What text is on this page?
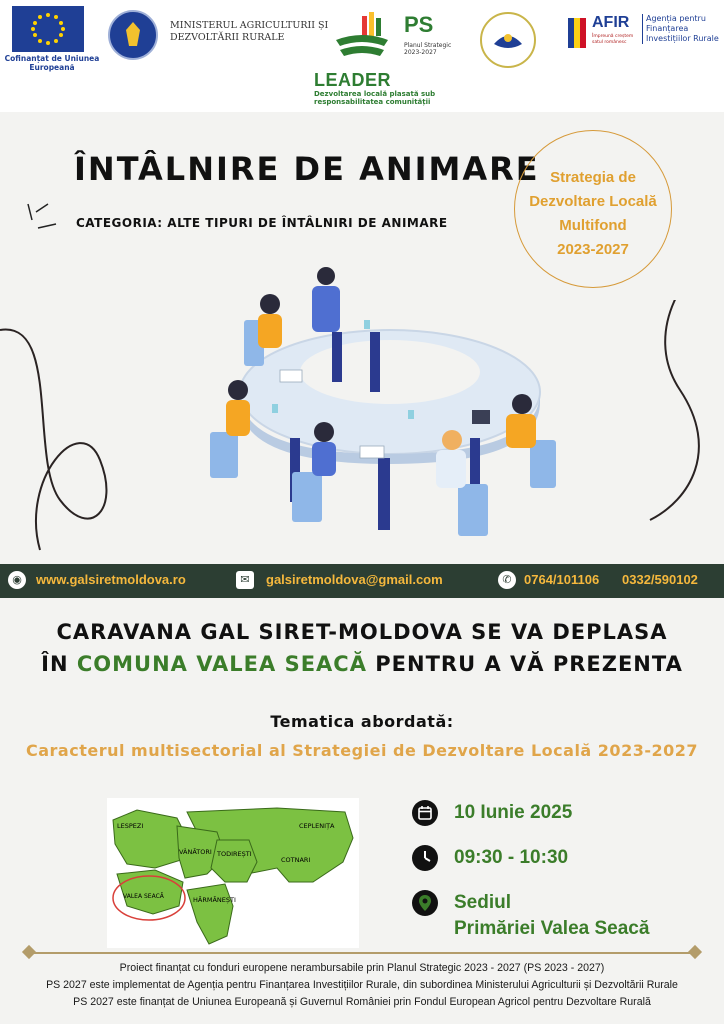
Cofinanțat de Uniunea Europeană
MINISTERUL AGRICULTURII ȘI DEZVOLTĂRII RURALE
PS
Planul Strategic 2023-2027
LEADER
Dezvoltarea locală plasată sub responsabilitatea comunității
AFIR
Împreună creștem satul românesc
Agenția pentru Finanțarea Investițiilor Rurale
ÎNTÂLNIRE DE ANIMARE
CATEGORIA: ALTE TIPURI DE ÎNTÂLNIRI DE ANIMARE
Strategia de
Dezvoltare Locală
Multifond
2023-2027
◉	www.galsiretmoldova.ro	✉	galsiretmoldova@gmail.com	✆ 0764/101106 0332/590102
CARAVANA GAL SIRET-MOLDOVA SE VA DEPLASA
ÎN COMUNA VALEA SEACĂ PENTRU A VĂ PREZENTA
Tematica abordată:
Caracterul multisectorial al Strategiei de Dezvoltare Locală 2023-2027
CEPLENIȚA
LESPEZI
VÂNĂTORI TODIREȘTI
COTNARI
VALEA SEACĂ	HĂRMĂNEȘTI
10 Iunie 2025
09:30 - 10:30
Sediul
Primăriei Valea Seacă
Proiect finanțat cu fonduri europene nerambursabile prin Planul Strategic 2023 - 2027 (PS 2023 - 2027)
PS 2027 este implementat de Agenția pentru Finanțarea Investițiilor Rurale, din subordinea Ministerului Agriculturii și Dezvoltării Rurale
PS 2027 este finanțat de Uniunea Europeană și Guvernul României prin Fondul European Agricol pentru Dezvoltare Rurală
